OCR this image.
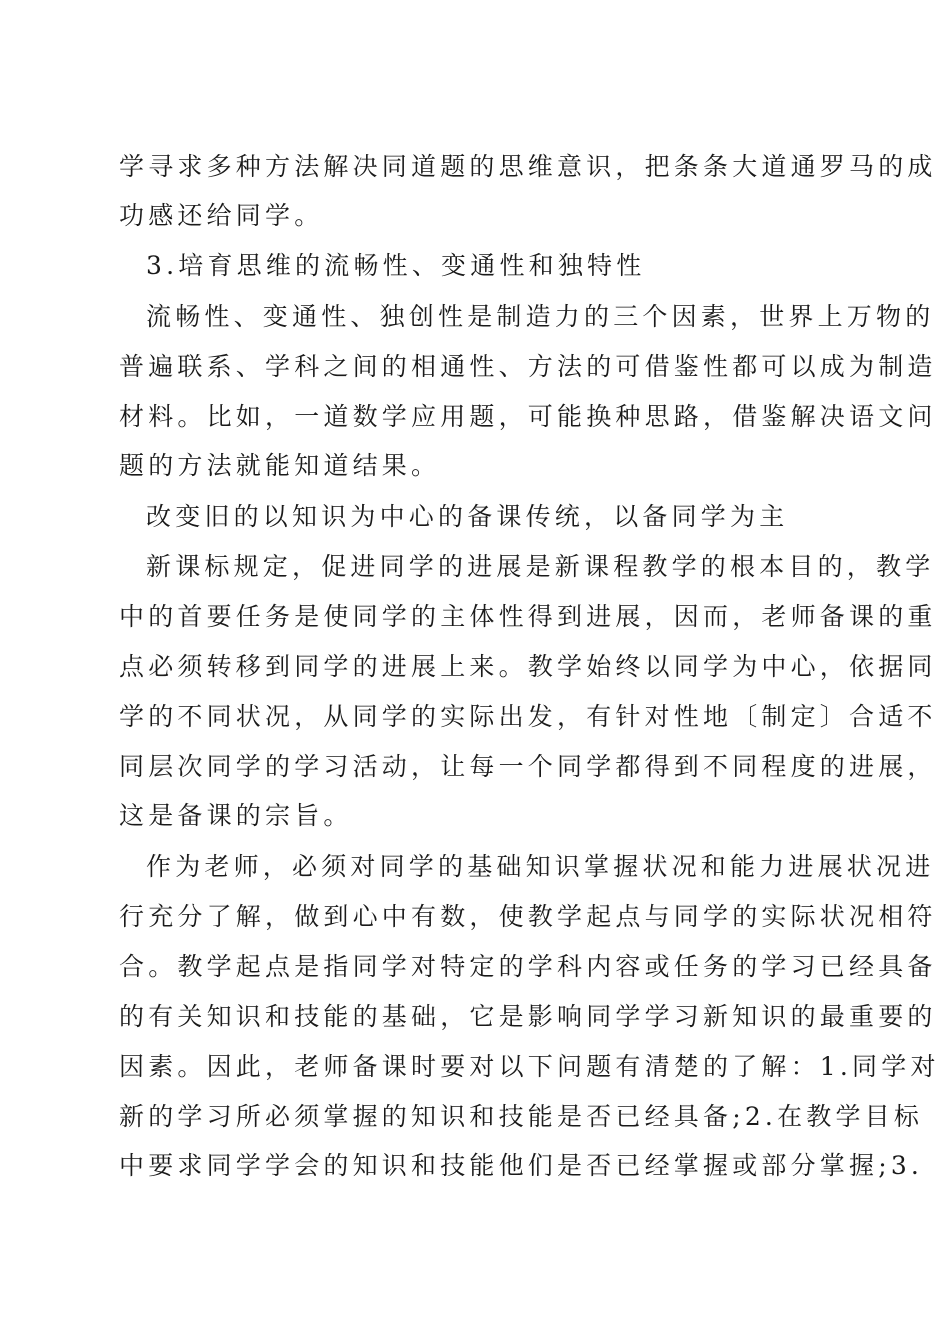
学寻求多种方法解决同道题的思维意识，把条条大道通罗马的成
功感还给同学。
3.培育思维的流畅性、变通性和独特性
流畅性、变通性、独创性是制造力的三个因素，世界上万物的
普遍联系、学科之间的相通性、方法的可借鉴性都可以成为制造
材料。比如，一道数学应用题，可能换种思路，借鉴解决语文问
题的方法就能知道结果。
改变旧的以知识为中心的备课传统，以备同学为主
新课标规定，促进同学的进展是新课程教学的根本目的，教学
中的首要任务是使同学的主体性得到进展，因而，老师备课的重
点必须转移到同学的进展上来。教学始终以同学为中心，依据同
学的不同状况，从同学的实际出发，有针对性地〔制定〕合适不
同层次同学的学习活动，让每一个同学都得到不同程度的进展，
这是备课的宗旨。
作为老师，必须对同学的基础知识掌握状况和能力进展状况进
行充分了解，做到心中有数，使教学起点与同学的实际状况相符
合。教学起点是指同学对特定的学科内容或任务的学习已经具备
的有关知识和技能的基础，它是影响同学学习新知识的最重要的
因素。因此，老师备课时要对以下问题有清楚的了解：1.同学对
新的学习所必须掌握的知识和技能是否已经具备;2.在教学目标
中要求同学学会的知识和技能他们是否已经掌握或部分掌握;3.
